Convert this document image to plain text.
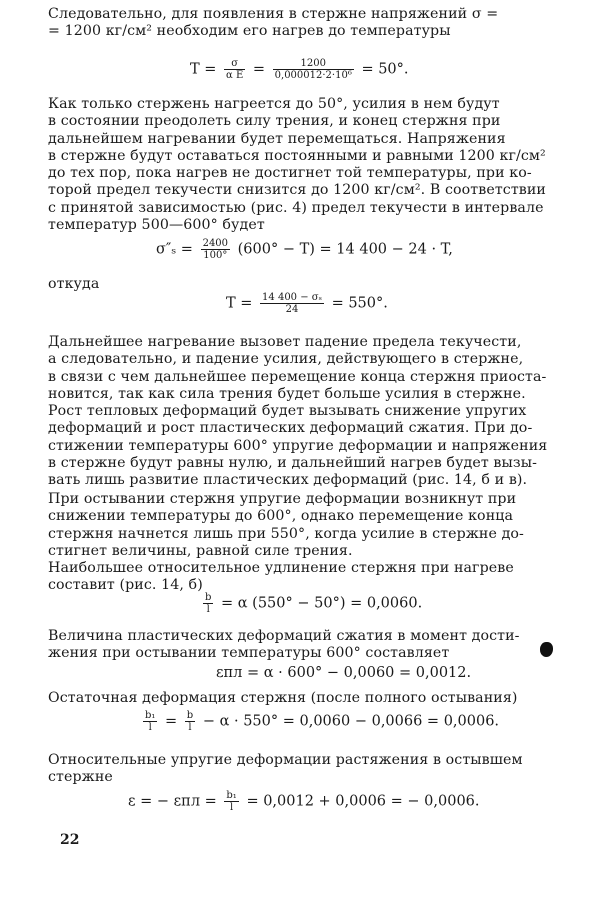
Следовательно, для появления в стержне напряжений σ =
= 1200 кг/см² необходим его нагрев до температуры
$T = \frac{\sigma}{\text{α E}} = \frac{1200}{\text{0,000012·2·10⁶}} = 50^\circ$.
Как только стержень нагреется до 50°, усилия в нем будут
в состоянии преодолеть силу трения, и конец стержня при
дальнейшем нагревании будет перемещаться. Напряжения
в стержне будут оставаться постоянными и равными 1200 кг/см²
до тех пор, пока нагрев не достигнет той температуры, при ко-
торой предел текучести снизится до 1200 кг/см². В соответствии
с принятой зависимостью (рис. 4) предел текучести в интервале
температур 500—600° будет
$\sigma''_s = \frac{2400}{100^\circ} (600^\circ - T) = 14$ 400 − 24 · T,
откуда
$T = \frac{\text{14 400 − σₛ}}{24} = 550^\circ$.
Дальнейшее нагревание вызовет падение предела текучести,
а следовательно, и падение усилия, действующего в стержне,
в связи с чем дальнейшее перемещение конца стержня приоста-
новится, так как сила трения будет больше усилия в стержне.
Рост тепловых деформаций будет вызывать снижение упругих
деформаций и рост пластических деформаций сжатия. При до-
стижении температуры 600° упругие деформации и напряжения
в стержне будут равны нулю, и дальнейший нагрев будет вызы-
вать лишь развитие пластических деформаций (рис. 14, б и в).
При остывании стержня упругие деформации возникнут при
снижении температуры до 600°, однако перемещение конца
стержня начнется лишь при 550°, когда усилие в стержне до-
стигнет величины, равной силе трения.
Наибольшее относительное удлинение стержня при нагреве
составит (рис. 14, б)
$\frac{b}{l} = \alpha$ (550° − 50°) = 0,0060.
Величина пластических деформаций сжатия в момент дости-
жения при остывании температуры 600° составляет
εпл = α · 600° − 0,0060 = 0,0012.
Остаточная деформация стержня (после полного остывания)
$\frac{\text{b₁}}{l} = \frac{b}{l} - \alpha \cdot 550^\circ = 0,0060 - 0,0066 = 0,0006$.
Относительные упругие деформации растяжения в остывшем
стержне
ε = − $\varepsilon пл = \frac{\text{b₁}}{l} = 0,0012 + 0,0006$ = − 0,0006.
22
